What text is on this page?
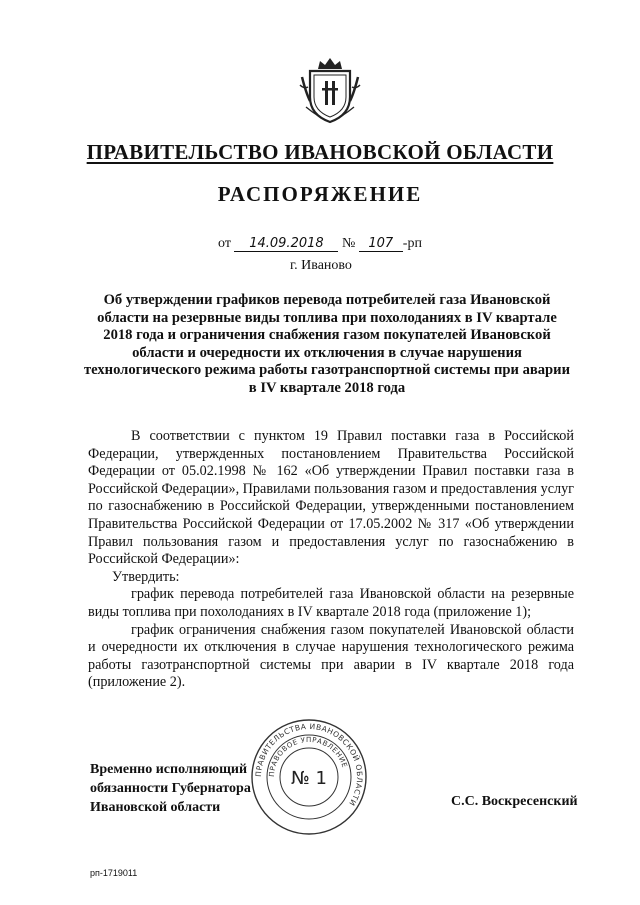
ПРАВИТЕЛЬСТВО ИВАНОВСКОЙ ОБЛАСТИ
РАСПОРЯЖЕНИЕ
от 14.09.2018 № 107 -рп
г. Иваново
Об утверждении графиков перевода потребителей газа Ивановской области на резервные виды топлива при похолоданиях в IV квартале 2018 года и ограничения снабжения газом покупателей Ивановской области и очередности их отключения в случае нарушения технологического режима работы газотранспортной системы при аварии в IV квартале 2018 года

В соответствии с пунктом 19 Правил поставки газа в Российской Федерации, утвержденных постановлением Правительства Российской Федерации от 05.02.1998 № 162 «Об утверждении Правил поставки газа в Российской Федерации», Правилами пользования газом и предоставления услуг по газоснабжению в Российской Федерации, утвержденными постановлением Правительства Российской Федерации от 17.05.2002 № 317 «Об утверждении Правил пользования газом и предоставления услуг по газоснабжению в Российской Федерации»:

Утвердить:

график перевода потребителей газа Ивановской области на резервные виды топлива при похолоданиях в IV квартале 2018 года (приложение 1);

график ограничения снабжения газом покупателей Ивановской области и очередности их отключения в случае нарушения технологического режима работы газотранспортной системы при аварии в IV квартале 2018 года (приложение 2).

ПРАВИТЕЛЬСТВА ИВАНОВСКОЙ ОБЛАСТИ
ПРАВОВОЕ УПРАВЛЕНИЕ
№ 1
Временно исполняющий
обязанности Губернатора
Ивановской области	С.С. Воскресенский
рп-1719011
